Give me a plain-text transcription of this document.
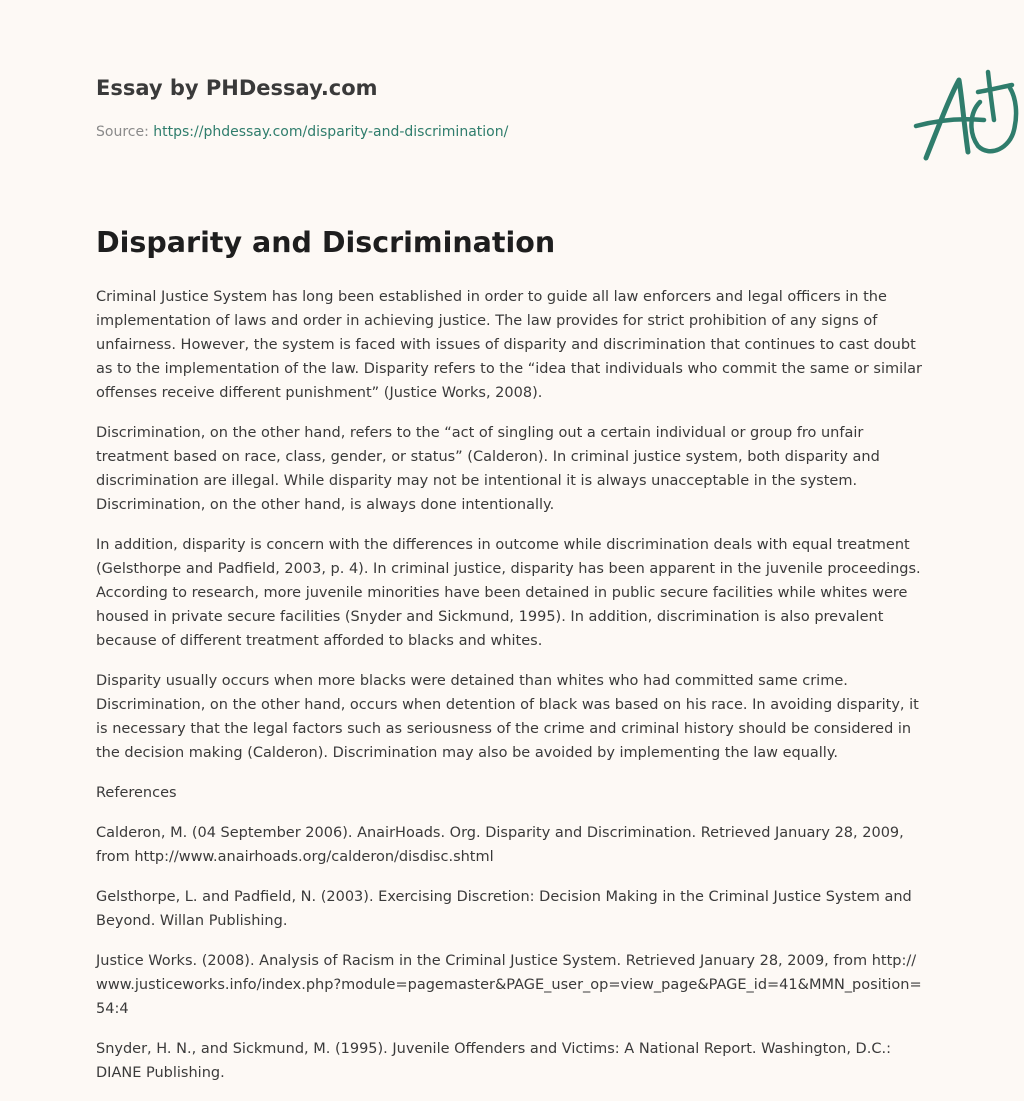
Essay by PHDessay.com
Source: https://phdessay.com/disparity-and-discrimination/
Disparity and Discrimination

Criminal Justice System has long been established in order to guide all law enforcers and legal officers in the implementation of laws and order in achieving justice. The law provides for strict prohibition of any signs of unfairness. However, the system is faced with issues of disparity and discrimination that continues to cast doubt as to the implementation of the law. Disparity refers to the “idea that individuals who commit the same or similar offenses receive different punishment” (Justice Works, 2008).

Discrimination, on the other hand, refers to the “act of singling out a certain individual or group fro unfair treatment based on race, class, gender, or status” (Calderon). In criminal justice system, both disparity and discrimination are illegal. While disparity may not be intentional it is always unacceptable in the system. Discrimination, on the other hand, is always done intentionally.

In addition, disparity is concern with the differences in outcome while discrimination deals with equal treatment (Gelsthorpe and Padfield, 2003, p. 4). In criminal justice, disparity has been apparent in the juvenile proceedings. According to research, more juvenile minorities have been detained in public secure facilities while whites were housed in private secure facilities (Snyder and Sickmund, 1995). In addition, discrimination is also prevalent because of different treatment afforded to blacks and whites.

Disparity usually occurs when more blacks were detained than whites who had committed same crime. Discrimination, on the other hand, occurs when detention of black was based on his race. In avoiding disparity, it is necessary that the legal factors such as seriousness of the crime and criminal history should be considered in the decision making (Calderon). Discrimination may also be avoided by implementing the law equally.

References

Calderon, M. (04 September 2006). AnairHoads. Org. Disparity and Discrimination. Retrieved January 28, 2009, from http://www.anairhoads.org/calderon/disdisc.shtml

Gelsthorpe, L. and Padfield, N. (2003). Exercising Discretion: Decision Making in the Criminal Justice System and Beyond. Willan Publishing.

Justice Works. (2008). Analysis of Racism in the Criminal Justice System. Retrieved January 28, 2009, from http://www.justiceworks.info/index.php?module=pagemaster&PAGE_user_op=view_page&PAGE_id=41&MMN_position=54:4

Snyder, H. N., and Sickmund, M. (1995). Juvenile Offenders and Victims: A National Report. Washington, D.C.: DIANE Publishing.
